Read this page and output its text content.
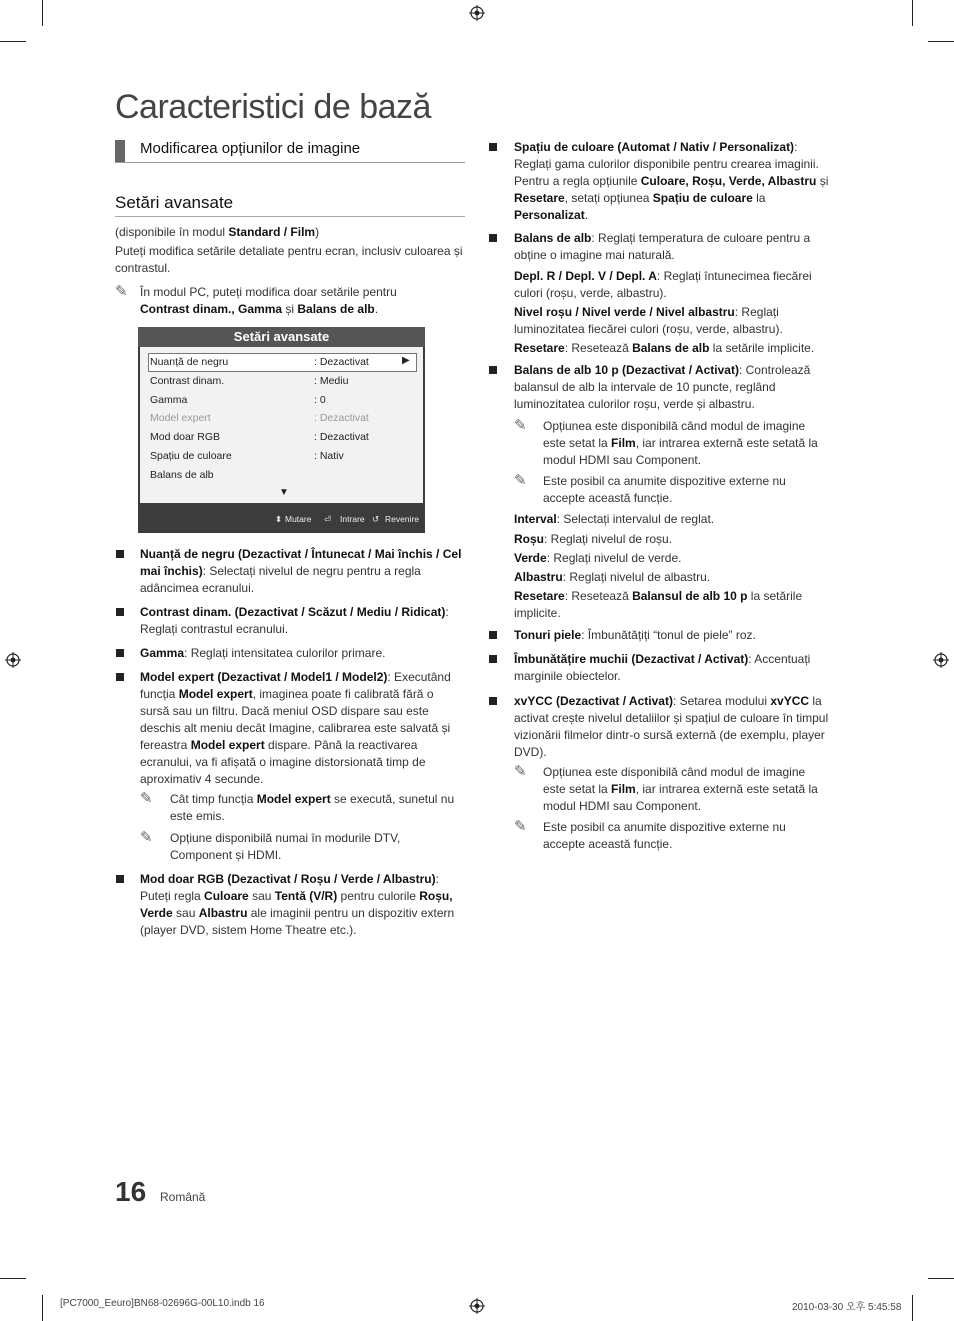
Caracteristici de bază
Modificarea opțiunilor de imagine
Setări avansate
(disponibile în modul Standard / Film)
Puteți modifica setările detaliate pentru ecran, inclusiv culoarea și contrastul.
✎ În modul PC, puteți modifica doar setările pentru
Contrast dinam., Gamma și Balans de alb.
Setări avansate
Nuanță de negru	: Dezactivat	▶
Contrast dinam.	: Mediu
Gamma	: 0
Model expert	: Dezactivat
Mod doar RGB	: Dezactivat
Spațiu de culoare	: Nativ
Balans de alb
▼
⬍ Mutare ⏎ Intrare ↺ Revenire
Nuanță de negru (Dezactivat / Întunecat / Mai închis / Cel mai închis): Selectați nivelul de negru pentru a regla adâncimea ecranului.
Contrast dinam. (Dezactivat / Scăzut / Mediu / Ridicat): Reglați contrastul ecranului.
Gamma: Reglați intensitatea culorilor primare.
Model expert (Dezactivat / Model1 / Model2): Executând funcția Model expert, imaginea poate fi calibrată fără o sursă sau un filtru. Dacă meniul OSD dispare sau este deschis alt meniu decât Imagine, calibrarea este salvată și fereastra Model expert dispare. Până la reactivarea ecranului, va fi afișată o imagine distorsionată timp de aproximativ 4 secunde.
✎ Cât timp funcția Model expert se execută, sunetul nu este emis.
✎ Opțiune disponibilă numai în modurile DTV, Component și HDMI.
Mod doar RGB (Dezactivat / Roșu / Verde / Albastru): Puteți regla Culoare sau Tentă (V/R) pentru culorile Roșu, Verde sau Albastru ale imaginii pentru un dispozitiv extern (player DVD, sistem Home Theatre etc.).
Spațiu de culoare (Automat / Nativ / Personalizat): Reglați gama culorilor disponibile pentru crearea imaginii. Pentru a regla opțiunile Culoare, Roșu, Verde, Albastru și Resetare, setați opțiunea Spațiu de culoare la Personalizat.
Balans de alb: Reglați temperatura de culoare pentru a obține o imagine mai naturală.
Depl. R / Depl. V / Depl. A: Reglați întunecimea fiecărei culori (roșu, verde, albastru).
Nivel roșu / Nivel verde / Nivel albastru: Reglați luminozitatea fiecărei culori (roșu, verde, albastru).
Resetare: Resetează Balans de alb la setările implicite.
Balans de alb 10 p (Dezactivat / Activat): Controlează balansul de alb la intervale de 10 puncte, reglând luminozitatea culorilor roșu, verde și albastru.
✎ Opțiunea este disponibilă când modul de imagine este setat la Film, iar intrarea externă este setată la modul HDMI sau Component.
✎ Este posibil ca anumite dispozitive externe nu accepte această funcție.
Interval: Selectați intervalul de reglat.
Roșu: Reglați nivelul de roșu.
Verde: Reglați nivelul de verde.
Albastru: Reglați nivelul de albastru.
Resetare: Resetează Balansul de alb 10 p la setările implicite.
Tonuri piele: Îmbunătățiți “tonul de piele” roz.
Îmbunătățire muchii (Dezactivat / Activat): Accentuați marginile obiectelor.
xvYCC (Dezactivat / Activat): Setarea modului xvYCC la activat crește nivelul detaliilor și spațiul de culoare în timpul vizionării filmelor dintr-o sursă externă (de exemplu, player DVD).
✎ Opțiunea este disponibilă când modul de imagine este setat la Film, iar intrarea externă este setată la modul HDMI sau Component.
✎ Este posibil ca anumite dispozitive externe nu accepte această funcție.
16 Română
[PC7000_Eeuro]BN68-02696G-00L10.indb 16	2010-03-30 오후 5:45:58
